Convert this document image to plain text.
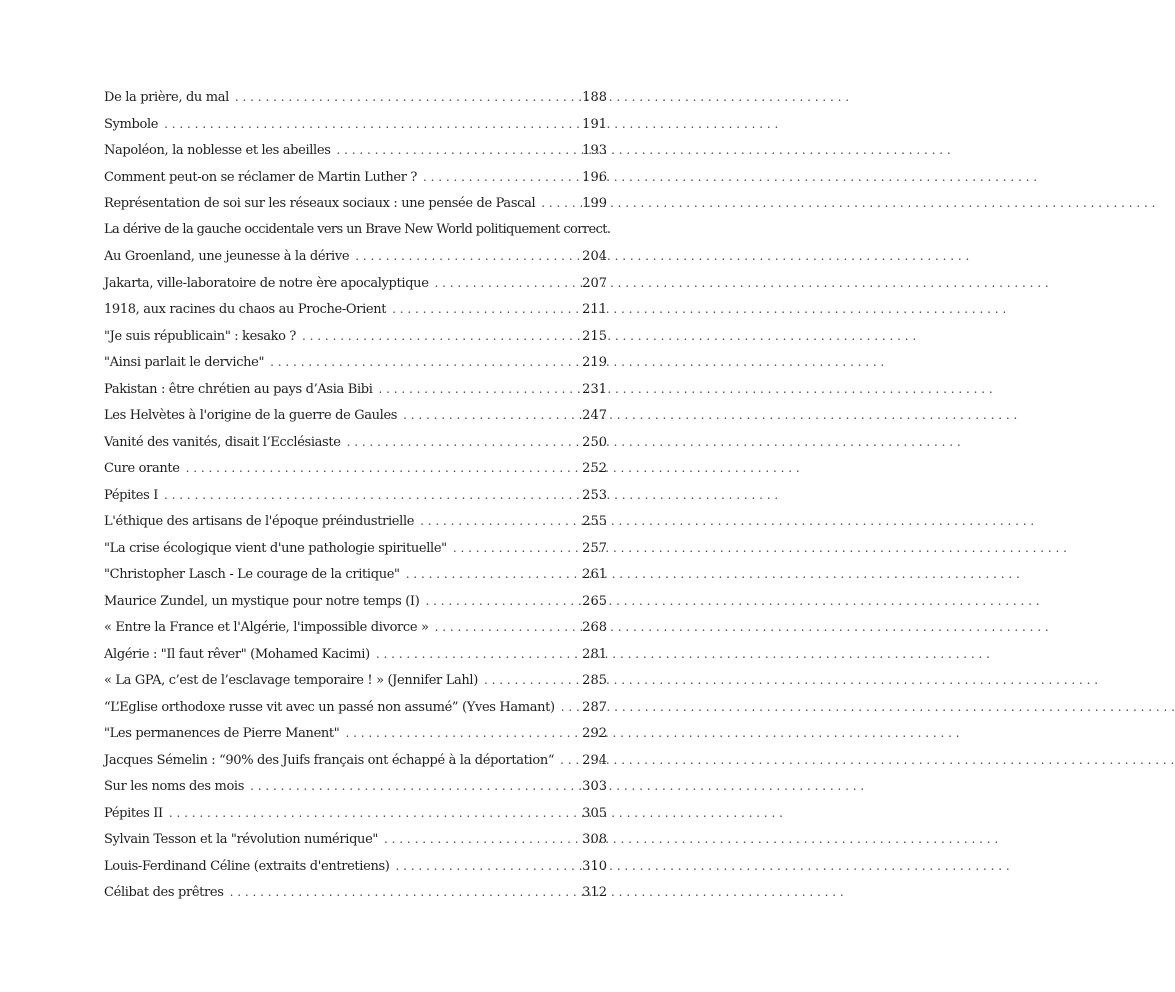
De la prière, du mal . . .	188
Symbole . . .	191
Napoléon, la noblesse et les abeilles . . .	193
Comment peut-on se réclamer de Martin Luther ? . . .	196
Représentation de soi sur les réseaux sociaux : une pensée de Pascal . . .	199
La dérive de la gauche occidentale vers un Brave New World politiquement correct.
Au Groenland, une jeunesse à la dérive . . .	204
Jakarta, ville-laboratoire de notre ère apocalyptique . . .	207
1918, aux racines du chaos au Proche-Orient . . .	211
"Je suis républicain" : kesako ? . . .	215
"Ainsi parlait le derviche" . . .	219
Pakistan : être chrétien au pays d’Asia Bibi . . .	231
Les Helvètes à l'origine de la guerre de Gaules . . .	247
Vanité des vanités, disait l’Ecclésiaste . . .	250
Cure orante . . .	252
Pépites I . . .	253
L'éthique des artisans de l'époque préindustrielle . . .	255
"La crise écologique vient d'une pathologie spirituelle" . . .	257
"Christopher Lasch - Le courage de la critique" . . .	261
Maurice Zundel, un mystique pour notre temps (I) . . .	265
« Entre la France et l'Algérie, l'impossible divorce » . . .	268
Algérie : "Il faut rêver" (Mohamed Kacimi) . . .	281
« La GPA, c’est de l’esclavage temporaire ! » (Jennifer Lahl) . . .	285
“L’Eglise orthodoxe russe vit avec un passé non assumé” (Yves Hamant) . . . 287
"Les permanences de Pierre Manent" . . .	292
Jacques Sémelin : “90% des Juifs français ont échappé à la déportation“ . . . 294
Sur les noms des mois . . .	303
Pépites II . . .	305
Sylvain Tesson et la "révolution numérique" . . .	308
Louis-Ferdinand Céline (extraits d'entretiens) . . .	310
Célibat des prêtres . . .	312
